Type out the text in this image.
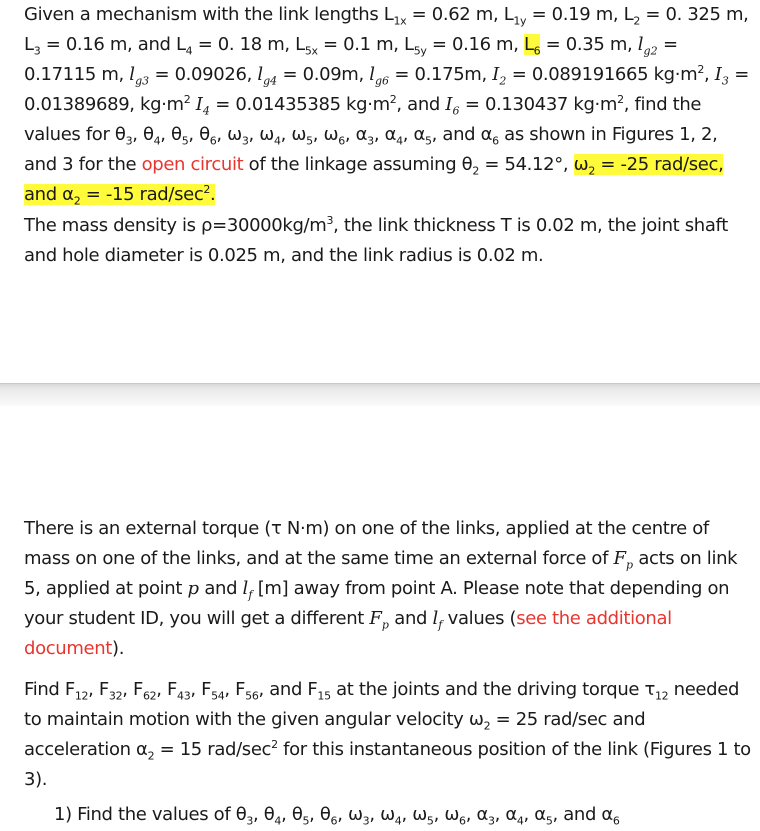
Given a mechanism with the link lengths $L_{1x} = 0.62$ m, $L_{1y} = 0.19$ m, $L_2 = 0$. 325 m, $L_3 = 0.16$ m, and $L_4 = 0$. 18 m, $L_{5x} = 0.1$ m, $L_{5y} = 0.16$ m, $L_6 = 0.35$ m, $l_{g2} = 0.17115$ m, $l_{g3} = 0.09026$, $l_{g4} = 0.09m$, $l_{g6} = 0.175m$, $I_2 = 0.089191665$ $kg\cdot m^2$, $I_3 = 0.01389689$, $kg\cdot m^2$ $I_4 = 0.01435385$ $kg\cdot m^2$, and $I_6 = 0.130437$ $kg\cdot m^2$, find the values for $\theta_3$, $\theta_4$, $\theta_5$, $\theta_6$, $\omega_3$, $\omega_4$, $\omega_5$, $\omega_6$, $\alpha_3$, $\alpha_4$, $\alpha_5$, and $\alpha_6$ as shown in Figures 1, 2, and 3 for the open circuit of the linkage assuming $\theta_2 = 54.12^\circ$, $\omega_2 = -25$ rad/sec, and $\alpha_2 = -15$ rad/$\sec^2$.

The mass density is $\rho=30000kg/m^3$, the link thickness T is 0.02 m, the joint shaft and hole diameter is 0.025 m, and the link radius is 0.02 m.

There is an external torque (τ N·m) on one of the links, applied at the centre of mass on one of the links, and at the same time an external force of $F_p$ acts on link 5, applied at point p and $l_f$ [m] away from point A. Please note that depending on your student ID, you will get a different $F_p$ and $l_f$ values (see the additional document).

Find $F_{12}$, $F_{32}$, $F_{62}$, $F_{43}$, $F_{54}$, $F_{56}$, and $F_{15}$ at the joints and the driving torque $\tau_{12}$ needed to maintain motion with the given angular velocity $\omega_2 = 25$ rad/sec and acceleration $\alpha_2 = 15$ rad/$\sec^2$ for this instantaneous position of the link (Figures 1 to 3).

1) Find the values of $\theta_3$, $\theta_4$, $\theta_5$, $\theta_6$, $\omega_3$, $\omega_4$, $\omega_5$, $\omega_6$, $\alpha_3$, $\alpha_4$, $\alpha_5$, and $\alpha_6$
